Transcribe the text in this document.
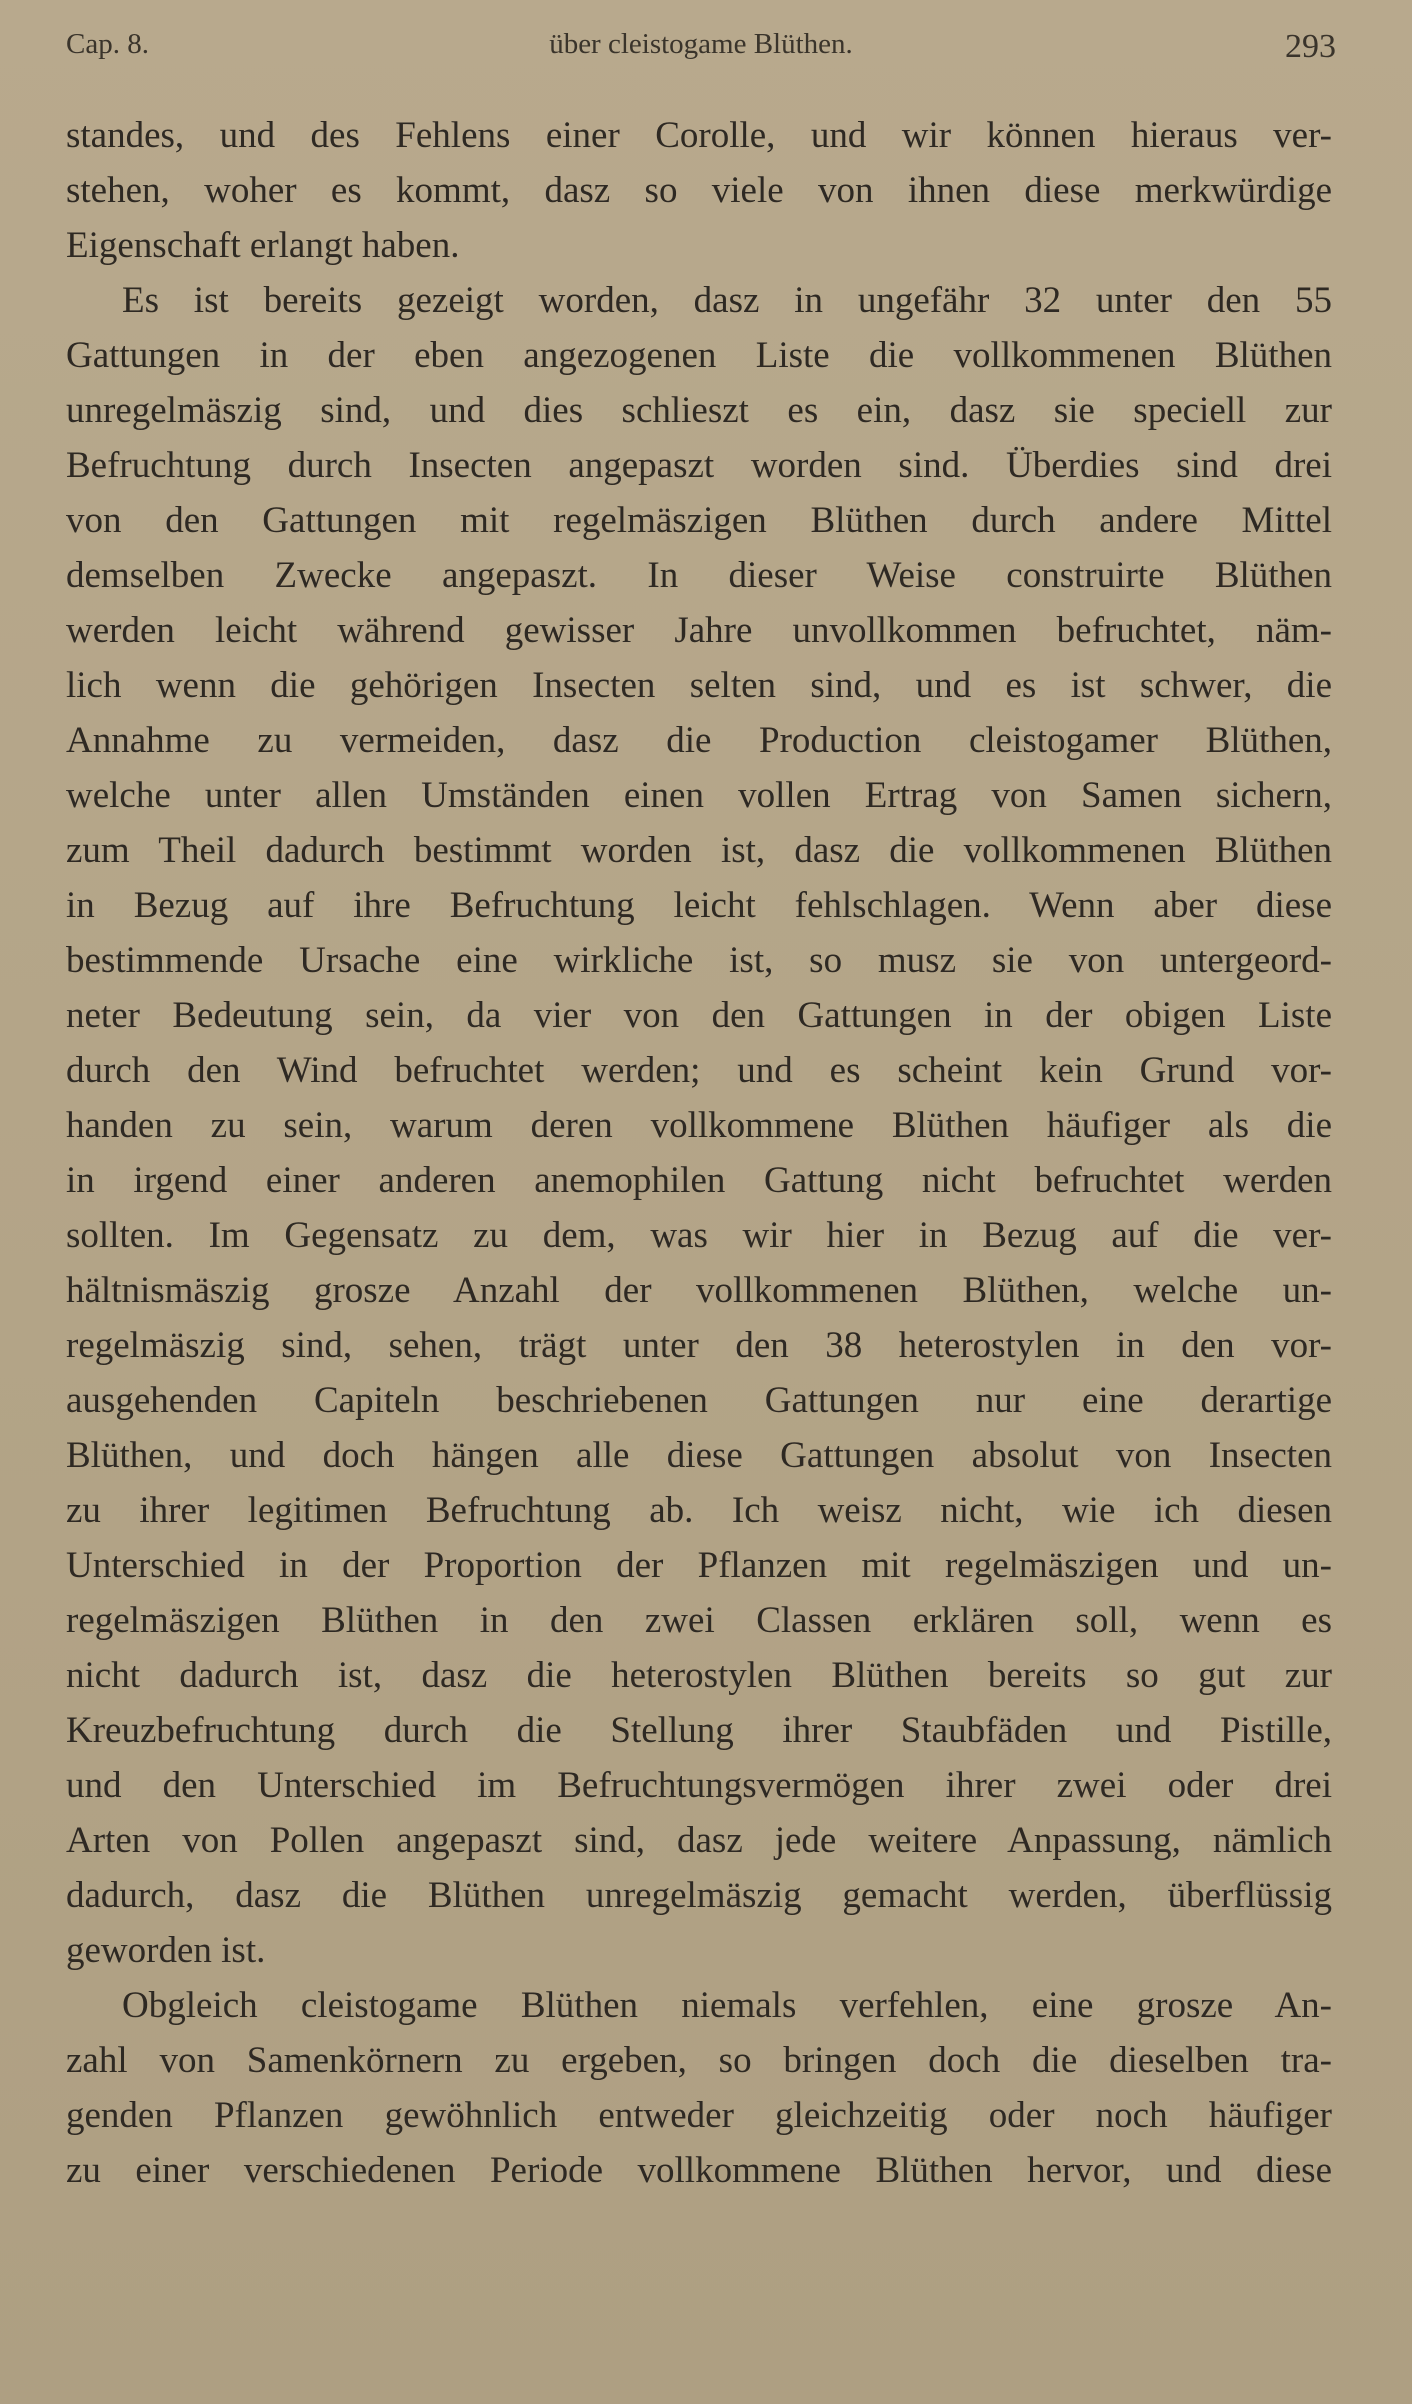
Cap. 8.	über cleistogame Blüthen.	293
standes, und des Fehlens einer Corolle, und wir können hieraus ver-
stehen, woher es kommt, dasz so viele von ihnen diese merkwürdige
Eigenschaft erlangt haben.
Es ist bereits gezeigt worden, dasz in ungefähr 32 unter den 55
Gattungen in der eben angezogenen Liste die vollkommenen Blüthen
unregelmäszig sind, und dies schlieszt es ein, dasz sie speciell zur
Befruchtung durch Insecten angepaszt worden sind. Überdies sind drei
von den Gattungen mit regelmäszigen Blüthen durch andere Mittel
demselben Zwecke angepaszt. In dieser Weise construirte Blüthen
werden leicht während gewisser Jahre unvollkommen befruchtet, näm-
lich wenn die gehörigen Insecten selten sind, und es ist schwer, die
Annahme zu vermeiden, dasz die Production cleistogamer Blüthen,
welche unter allen Umständen einen vollen Ertrag von Samen sichern,
zum Theil dadurch bestimmt worden ist, dasz die vollkommenen Blüthen
in Bezug auf ihre Befruchtung leicht fehlschlagen. Wenn aber diese
bestimmende Ursache eine wirkliche ist, so musz sie von untergeord-
neter Bedeutung sein, da vier von den Gattungen in der obigen Liste
durch den Wind befruchtet werden; und es scheint kein Grund vor-
handen zu sein, warum deren vollkommene Blüthen häufiger als die
in irgend einer anderen anemophilen Gattung nicht befruchtet werden
sollten. Im Gegensatz zu dem, was wir hier in Bezug auf die ver-
hältnismäszig grosze Anzahl der vollkommenen Blüthen, welche un-
regelmäszig sind, sehen, trägt unter den 38 heterostylen in den vor-
ausgehenden Capiteln beschriebenen Gattungen nur eine derartige
Blüthen, und doch hängen alle diese Gattungen absolut von Insecten
zu ihrer legitimen Befruchtung ab. Ich weisz nicht, wie ich diesen
Unterschied in der Proportion der Pflanzen mit regelmäszigen und un-
regelmäszigen Blüthen in den zwei Classen erklären soll, wenn es
nicht dadurch ist, dasz die heterostylen Blüthen bereits so gut zur
Kreuzbefruchtung durch die Stellung ihrer Staubfäden und Pistille,
und den Unterschied im Befruchtungsvermögen ihrer zwei oder drei
Arten von Pollen angepaszt sind, dasz jede weitere Anpassung, nämlich
dadurch, dasz die Blüthen unregelmäszig gemacht werden, überflüssig
geworden ist.
Obgleich cleistogame Blüthen niemals verfehlen, eine grosze An-
zahl von Samenkörnern zu ergeben, so bringen doch die dieselben tra-
genden Pflanzen gewöhnlich entweder gleichzeitig oder noch häufiger
zu einer verschiedenen Periode vollkommene Blüthen hervor, und diese
